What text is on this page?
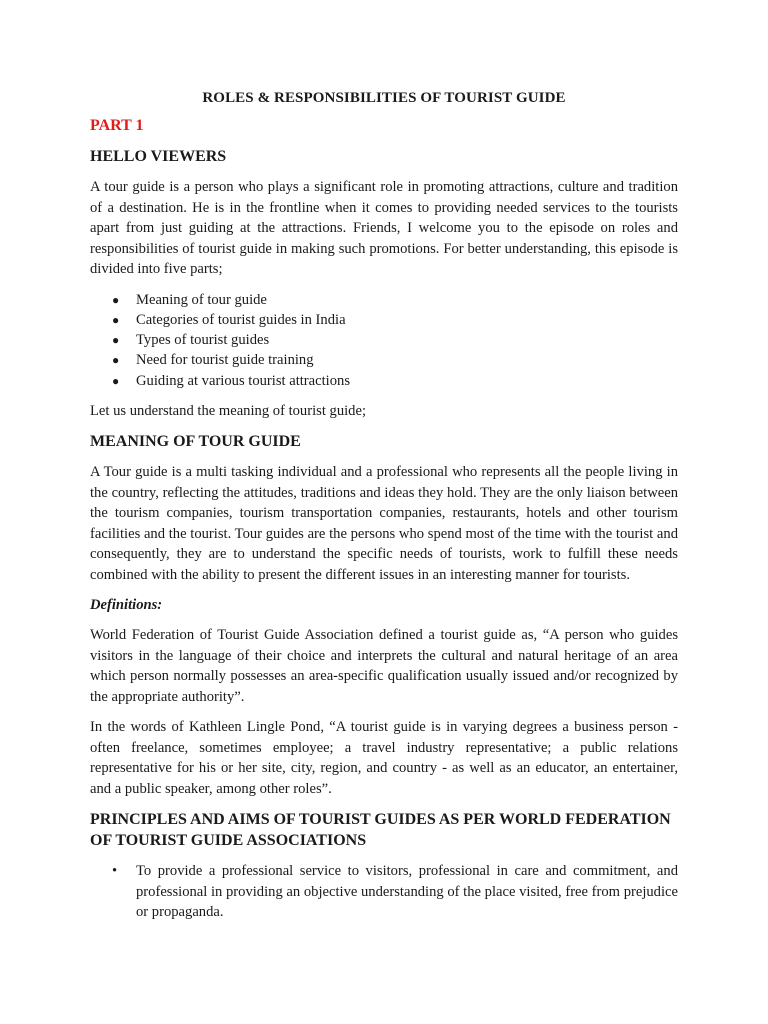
ROLES & RESPONSIBILITIES OF TOURIST GUIDE
PART 1
HELLO VIEWERS

A tour guide is a person who plays a significant role in promoting attractions, culture and tradition of a destination. He is in the frontline when it comes to providing needed services to the tourists apart from just guiding at the attractions. Friends, I welcome you to the episode on roles and responsibilities of tourist guide in making such promotions. For better understanding, this episode is divided into five parts;

● Meaning of tour guide
● Categories of tourist guides in India
● Types of tourist guides
● Need for tourist guide training
● Guiding at various tourist attractions

Let us understand the meaning of tourist guide;

MEANING OF TOUR GUIDE

A Tour guide is a multi tasking individual and a professional who represents all the people living in the country, reflecting the attitudes, traditions and ideas they hold. They are the only liaison between the tourism companies, tourism transportation companies, restaurants, hotels and other tourism facilities and the tourist. Tour guides are the persons who spend most of the time with the tourist and consequently, they are to understand the specific needs of tourists, work to fulfill these needs combined with the ability to present the different issues in an interesting manner for tourists.

Definitions:

World Federation of Tourist Guide Association defined a tourist guide as, “A person who guides visitors in the language of their choice and interprets the cultural and natural heritage of an area which person normally possesses an area-specific qualification usually issued and/or recognized by the appropriate authority”.

In the words of Kathleen Lingle Pond, “A tourist guide is in varying degrees a business person - often freelance, sometimes employee; a travel industry representative; a public relations representative for his or her site, city, region, and country - as well as an educator, an entertainer, and a public speaker, among other roles”.

PRINCIPLES AND AIMS OF TOURIST GUIDES AS PER WORLD FEDERATION OF TOURIST GUIDE ASSOCIATIONS
• To provide a professional service to visitors, professional in care and commitment, and professional in providing an objective understanding of the place visited, free from prejudice or propaganda.
